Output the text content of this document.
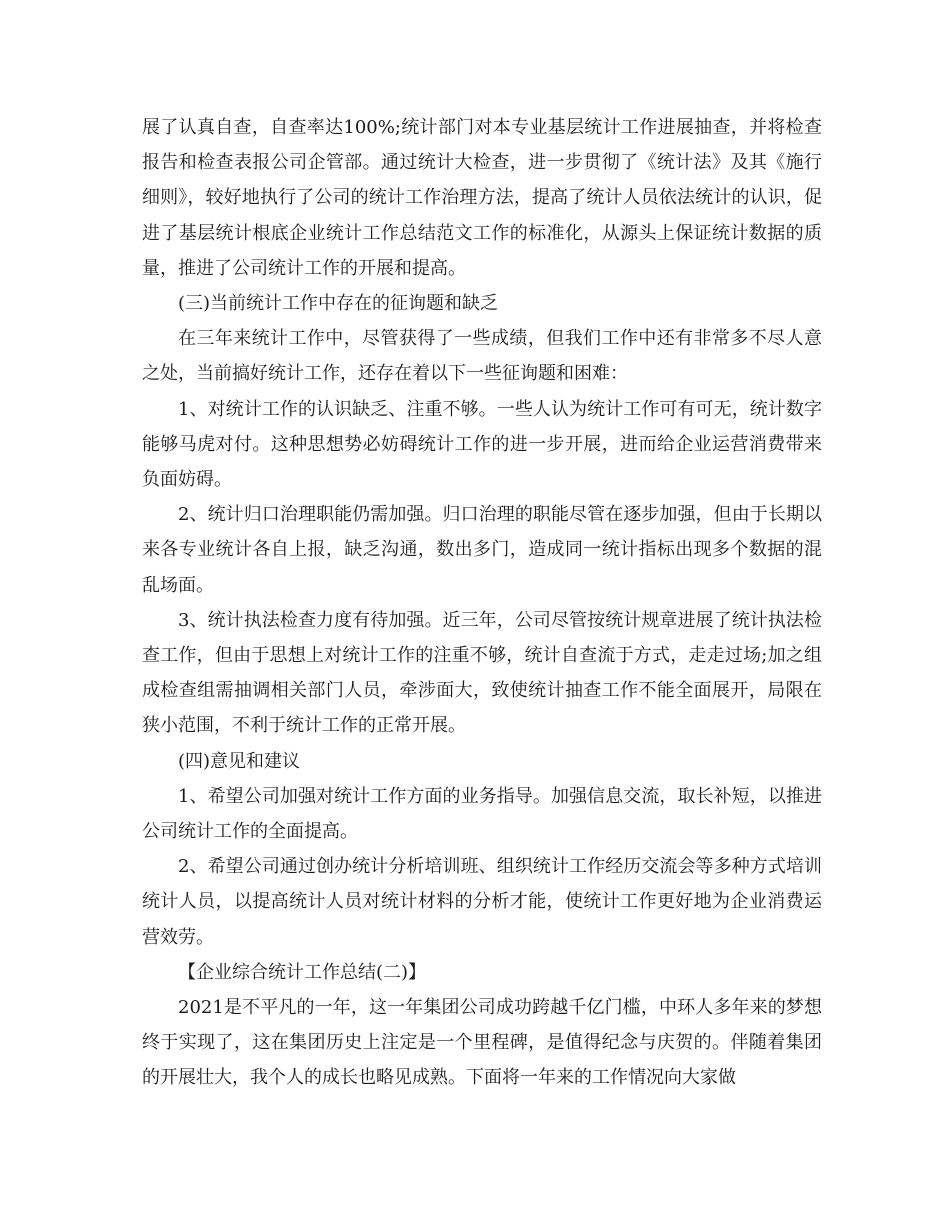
展了认真自查，自查率达100%;统计部门对本专业基层统计工作进展抽查，并将检查报告和检查表报公司企管部。通过统计大检查，进一步贯彻了《统计法》及其《施行细则》，较好地执行了公司的统计工作治理方法，提高了统计人员依法统计的认识，促进了基层统计根底企业统计工作总结范文工作的标准化，从源头上保证统计数据的质量，推进了公司统计工作的开展和提高。

(三)当前统计工作中存在的征询题和缺乏

在三年来统计工作中，尽管获得了一些成绩，但我们工作中还有非常多不尽人意之处，当前搞好统计工作，还存在着以下一些征询题和困难：

1、对统计工作的认识缺乏、注重不够。一些人认为统计工作可有可无，统计数字能够马虎对付。这种思想势必妨碍统计工作的进一步开展，进而给企业运营消费带来负面妨碍。

2、统计归口治理职能仍需加强。归口治理的职能尽管在逐步加强，但由于长期以来各专业统计各自上报，缺乏沟通，数出多门，造成同一统计指标出现多个数据的混乱场面。

3、统计执法检查力度有待加强。近三年，公司尽管按统计规章进展了统计执法检查工作，但由于思想上对统计工作的注重不够，统计自查流于方式，走走过场;加之组成检查组需抽调相关部门人员，牵涉面大，致使统计抽查工作不能全面展开，局限在狭小范围，不利于统计工作的正常开展。

(四)意见和建议

1、希望公司加强对统计工作方面的业务指导。加强信息交流，取长补短，以推进公司统计工作的全面提高。

2、希望公司通过创办统计分析培训班、组织统计工作经历交流会等多种方式培训统计人员，以提高统计人员对统计材料的分析才能，使统计工作更好地为企业消费运营效劳。

【企业综合统计工作总结(二)】

2021是不平凡的一年，这一年集团公司成功跨越千亿门槛，中环人多年来的梦想终于实现了，这在集团历史上注定是一个里程碑，是值得纪念与庆贺的。伴随着集团的开展壮大，我个人的成长也略见成熟。下面将一年来的工作情况向大家做
